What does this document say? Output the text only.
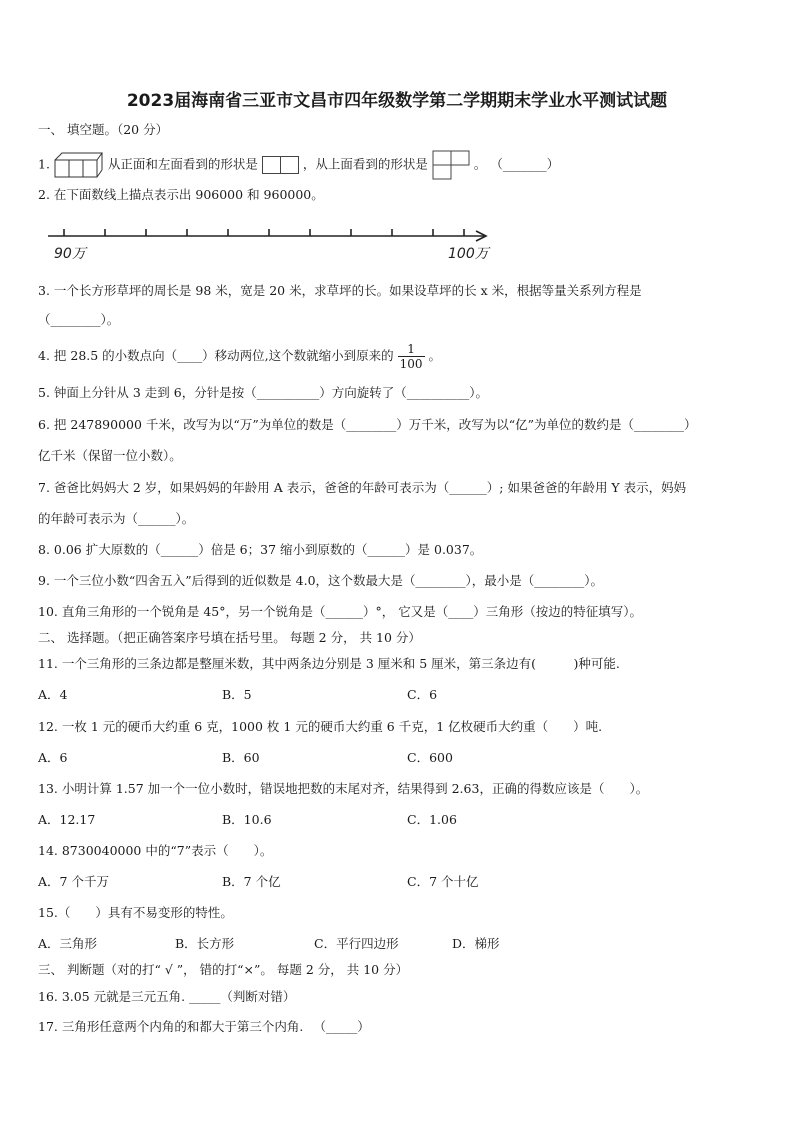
2023届海南省三亚市文昌市四年级数学第二学期期末学业水平测试试题
一、 填空题。（20 分）
1.	从正面和左面看到的形状是	，从上面看到的形状是	。 （_______）
2. 在下面数线上描点表示出 906000 和 960000。
90万	100万
3. 一个长方形草坪的周长是 98 米，宽是 20 米，求草坪的长。如果设草坪的长 x 米，根据等量关系列方程是
（________）。
4. 把 28.5 的小数点向（____）移动两位,这个数就缩小到原来的 $\frac{1}{100}$ 。
5. 钟面上分针从 3 走到 6，分针是按（__________）方向旋转了（__________）。
6. 把 247890000 千米，改写为以“万”为单位的数是（________）万千米，改写为以“亿”为单位的数约是（________）
亿千米（保留一位小数）。
7. 爸爸比妈妈大 2 岁，如果妈妈的年龄用 A 表示，爸爸的年龄可表示为（______）; 如果爸爸的年龄用 Y 表示，妈妈
的年龄可表示为（______）。
8. 0.06 扩大原数的（______）倍是 6；37 缩小到原数的（______）是 0.037。
9. 一个三位小数“四舍五入”后得到的近似数是 4.0，这个数最大是（________），最小是（________）。
10. 直角三角形的一个锐角是 45°，另一个锐角是（______）°， 它又是（____）三角形（按边的特征填写）。
二、 选择题。（把正确答案序号填在括号里。 每题 2 分， 共 10 分）
11. 一个三角形的三条边都是整厘米数，其中两条边分别是 3 厘米和 5 厘米，第三条边有(　　　)种可能.
A．4	B．5	C．6
12. 一枚 1 元的硬币大约重 6 克，1000 枚 1 元的硬币大约重 6 千克，1 亿枚硬币大约重（　　）吨.
A．6	B．60	C．600
13. 小明计算 1.57 加一个一位小数时，错误地把数的末尾对齐，结果得到 2.63，正确的得数应该是（　　）。
A．12.17	B．10.6	C．1.06
14. 8730040000 中的“7”表示（　　）。
A．7 个千万	B．7 个亿	C．7 个十亿
15.（　　）具有不易变形的特性。
A．三角形	B．长方形	C．平行四边形	D．梯形
三、 判断题（对的打“ √ ”， 错的打“×”。 每题 2 分， 共 10 分）
16. 3.05 元就是三元五角. _____（判断对错）
17. 三角形任意两个内角的和都大于第三个内角. 　（_____）
